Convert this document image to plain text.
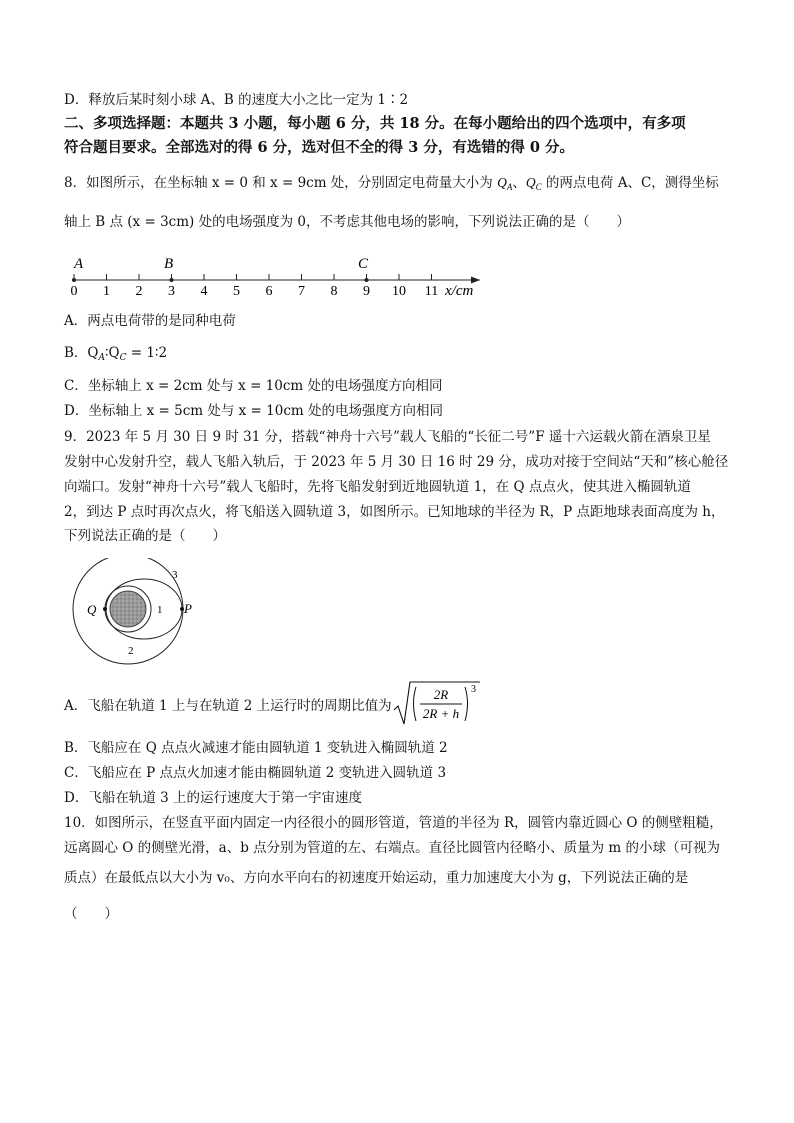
D．释放后某时刻小球 A、B 的速度大小之比一定为 1∶2
二、多项选择题：本题共 3 小题，每小题 6 分，共 18 分。在每小题给出的四个选项中，有多项
符合题目要求。全部选对的得 6 分，选对但不全的得 3 分，有选错的得 0 分。
8．如图所示，在坐标轴 x = 0 和 x = 9cm 处，分别固定电荷量大小为 $Q_A$、$Q_C$ 的两点电荷 A、C，测得坐标
轴上 B 点 (x = 3cm) 处的电场强度为 0，不考虑其他电场的影响，下列说法正确的是（　　）
0 1 2 3 4 5 6 7 8 9 10 11
A	B	C
x/cm
A．两点电荷带的是同种电荷
B．$Q_A∶Q_C$ = 1∶2
C．坐标轴上 x = 2cm 处与 x = 10cm 处的电场强度方向相同
D．坐标轴上 x = 5cm 处与 x = 10cm 处的电场强度方向相同
9．2023 年 5 月 30 日 9 时 31 分，搭载“神舟十六号”载人飞船的“长征二号”F 遥十六运载火箭在酒泉卫星
发射中心发射升空，载人飞船入轨后，于 2023 年 5 月 30 日 16 时 29 分，成功对接于空间站“天和”核心舱径
向端口。发射“神舟十六号”载人飞船时，先将飞船发射到近地圆轨道 1，在 Q 点点火，使其进入椭圆轨道
2，到达 P 点时再次点火，将飞船送入圆轨道 3，如图所示。已知地球的半径为 R，P 点距地球表面高度为 h，
下列说法正确的是（　　）
Q	P
1
2
3
A．飞船在轨道 1 上与在轨道 2 上运行时的周期比值为
2R
2R + h
3
B．飞船应在 Q 点点火减速才能由圆轨道 1 变轨进入椭圆轨道 2
C．飞船应在 P 点点火加速才能由椭圆轨道 2 变轨进入圆轨道 3
D．飞船在轨道 3 上的运行速度大于第一宇宙速度
10．如图所示，在竖直平面内固定一内径很小的圆形管道，管道的半径为 R，圆管内靠近圆心 O 的侧壁粗糙，
远离圆心 O 的侧壁光滑，a、b 点分别为管道的左、右端点。直径比圆管内径略小、质量为 m 的小球（可视为
质点）在最低点以大小为 v₀、方向水平向右的初速度开始运动，重力加速度大小为 g，下列说法正确的是
（　　）
